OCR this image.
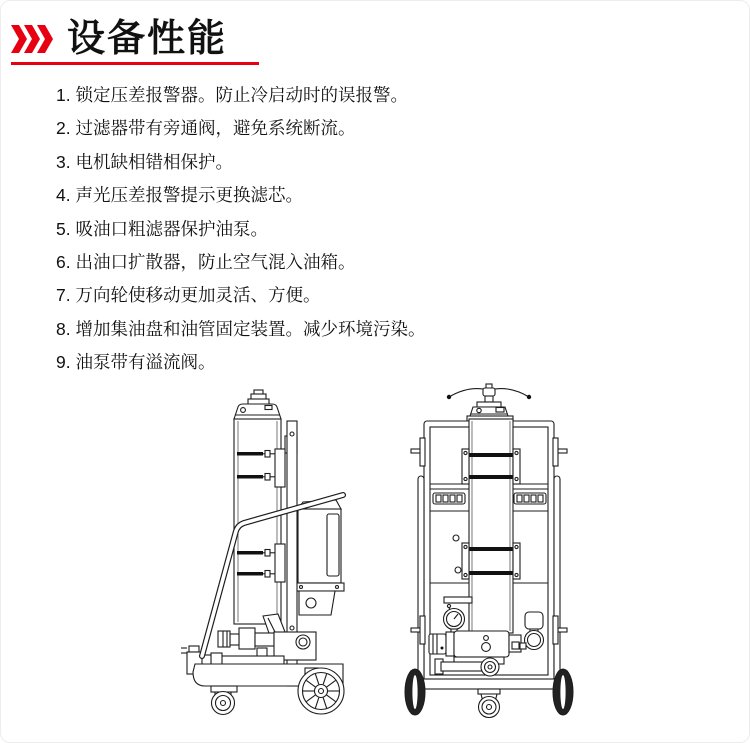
设备性能
1. 锁定压差报警器。防止冷启动时的误报警。
2. 过滤器带有旁通阀，避免系统断流。
3. 电机缺相错相保护。
4. 声光压差报警提示更换滤芯。
5. 吸油口粗滤器保护油泵。
6. 出油口扩散器，防止空气混入油箱。
7. 万向轮使移动更加灵活、方便。
8. 增加集油盘和油管固定装置。减少环境污染。
9. 油泵带有溢流阀。
